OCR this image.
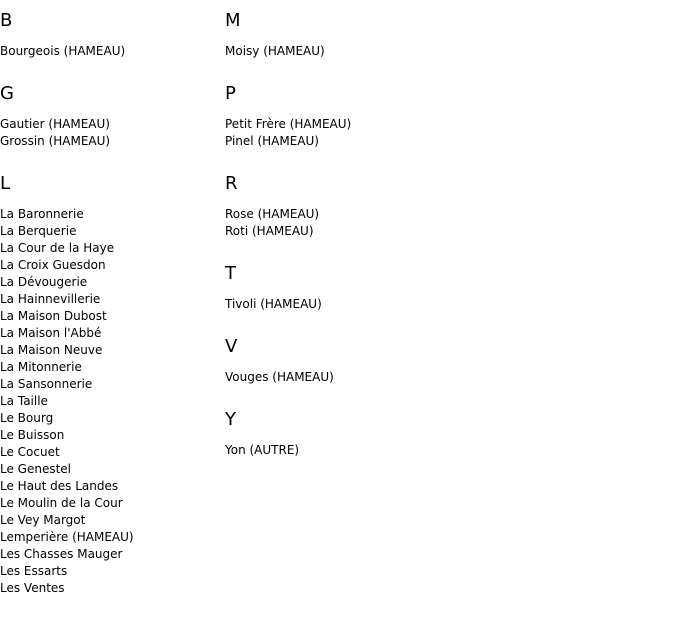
B
Bourgeois (HAMEAU)
G
Gautier (HAMEAU)
Grossin (HAMEAU)
L
La Baronnerie
La Berquerie
La Cour de la Haye
La Croix Guesdon
La Dévougerie
La Hainnevillerie
La Maison Dubost
La Maison l'Abbé
La Maison Neuve
La Mitonnerie
La Sansonnerie
La Taille
Le Bourg
Le Buisson
Le Cocuet
Le Genestel
Le Haut des Landes
Le Moulin de la Cour
Le Vey Margot
Lemperière (HAMEAU)
Les Chasses Mauger
Les Essarts
Les Ventes
M
Moisy (HAMEAU)
P
Petit Frère (HAMEAU)
Pinel (HAMEAU)
R
Rose (HAMEAU)
Roti (HAMEAU)
T
Tivoli (HAMEAU)
V
Vouges (HAMEAU)
Y
Yon (AUTRE)
